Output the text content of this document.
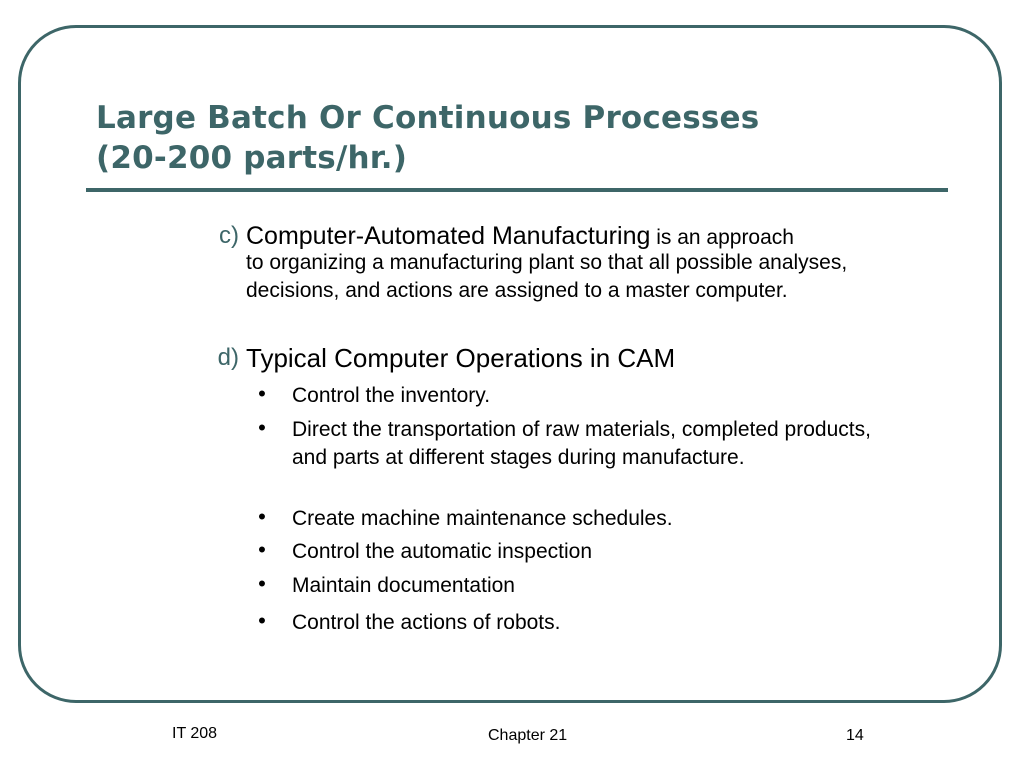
Large Batch Or Continuous Processes
(20-200 parts/hr.)
c) Computer-Automated Manufacturing is an approach
to organizing a manufacturing plant so that all possible analyses, decisions, and actions are assigned to a master computer.
d) Typical Computer Operations in CAM
• Control the inventory.
• Direct the transportation of raw materials, completed products, and parts at different stages during manufacture.
• Create machine maintenance schedules.
• Control the automatic inspection
• Maintain documentation
• Control the actions of robots.
IT 208	Chapter 21	14
